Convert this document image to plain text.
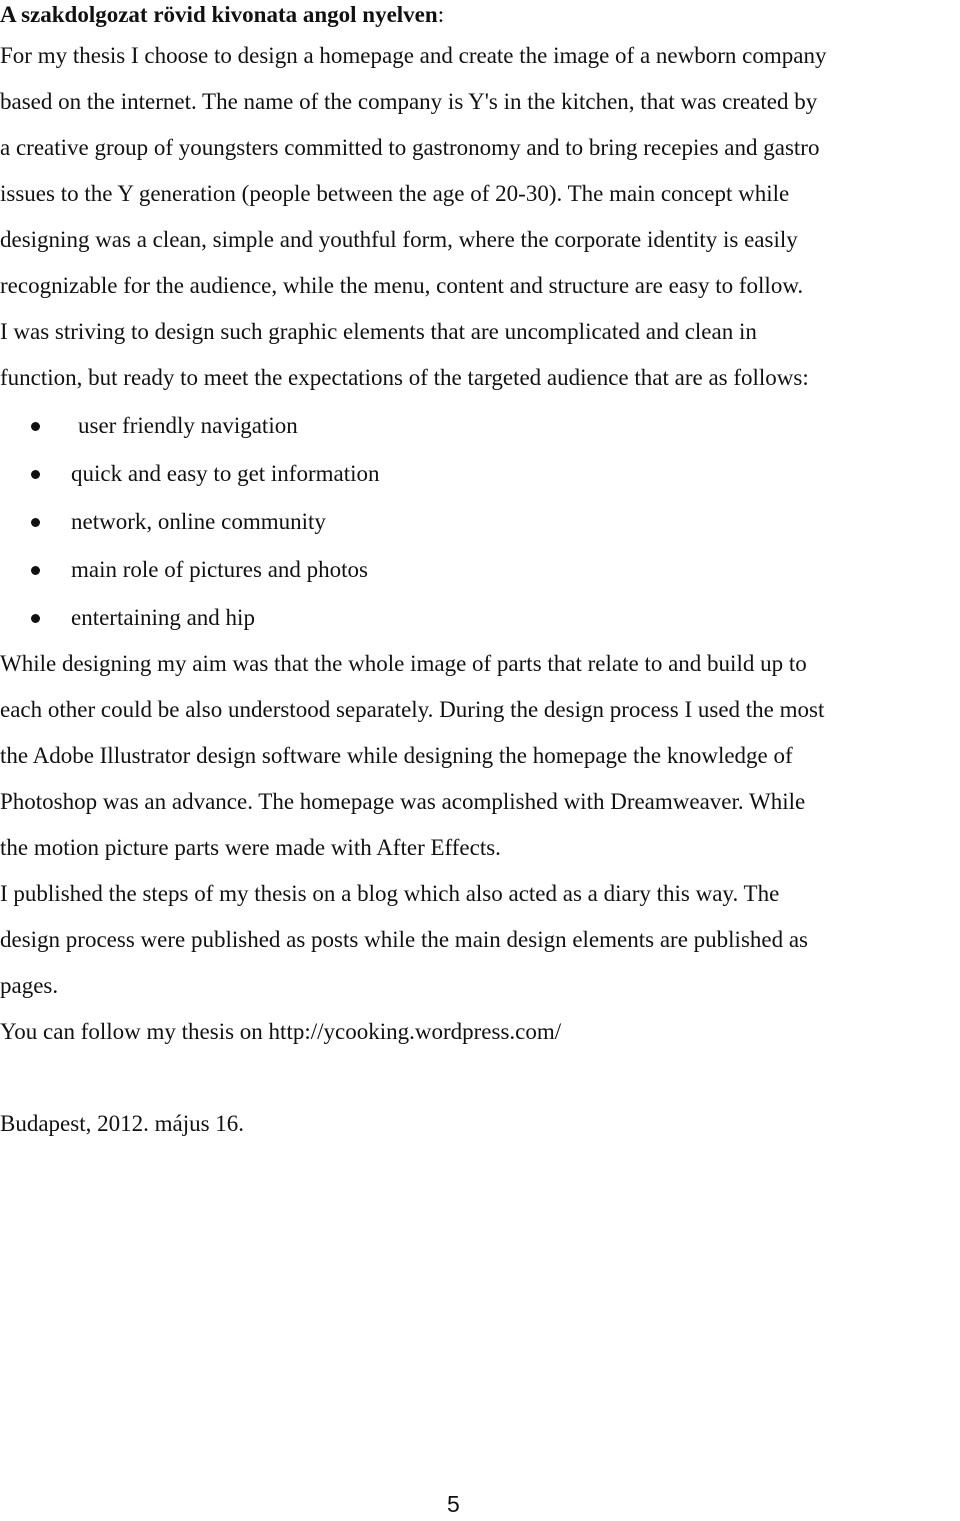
A szakdolgozat rövid kivonata angol nyelven:

For my thesis I choose to design a homepage and create the image of a newborn company

based on the internet. The name of the company is Y's in the kitchen, that was created by

a creative group of youngsters committed to gastronomy and to bring recepies and gastro

issues to the Y generation (people between the age of 20-30). The main concept while

designing was a clean, simple and youthful form, where the corporate identity is easily

recognizable for the audience, while the menu, content and structure are easy to follow.

I was striving to design such graphic elements that are uncomplicated and clean in

function, but ready to meet the expectations of the targeted audience that are as follows:

user friendly navigation
quick and easy to get information
network, online community
main role of pictures and photos
entertaining and hip

While designing my aim was that the whole image of parts that relate to and build up to

each other could be also understood separately. During the design process I used the most

the Adobe Illustrator design software while designing the homepage the knowledge of

Photoshop was an advance. The homepage was acomplished with Dreamweaver. While

the motion picture parts were made with After Effects.

I published the steps of my thesis on a blog which also acted as a diary this way. The

design process were published as posts while the main design elements are published as

pages.

You can follow my thesis on http://ycooking.wordpress.com/

Budapest, 2012. május 16.

5
